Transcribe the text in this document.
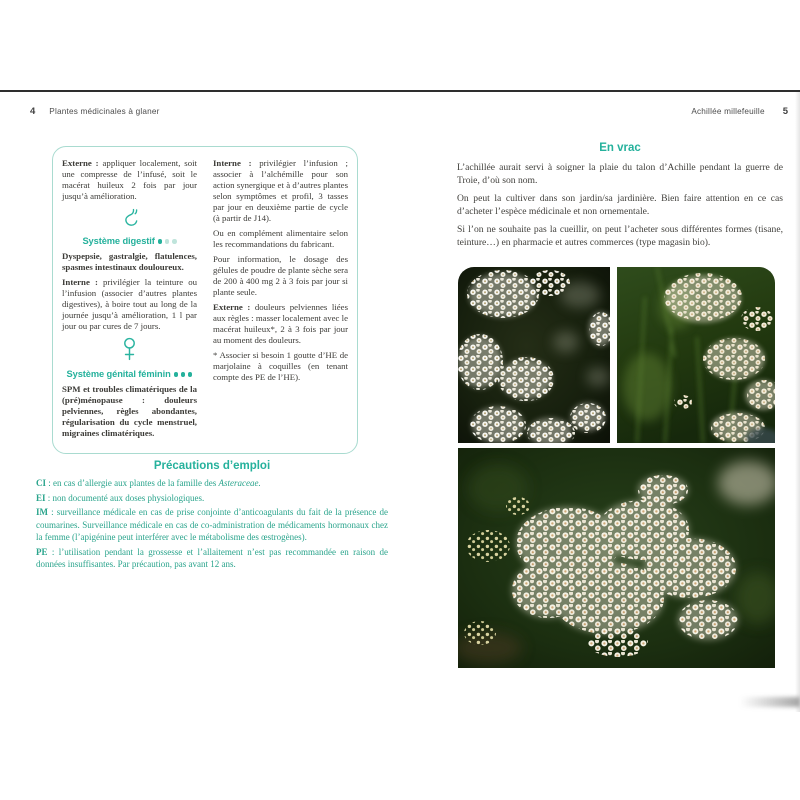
4 Plantes médicinales à glaner	Achillée millefeuille 5

Externe : appliquer localement, soit une compresse de l’infusé, soit le macérat huileux 2 fois par jour jusqu’à amélioration.

Système digestif

Dyspepsie, gastralgie, flatulences, spasmes intestinaux douloureux.

Interne : privilégier la teinture ou l’infusion (associer d’autres plantes digestives), à boire tout au long de la journée jusqu’à amélioration, 1 l par jour ou par cures de 7 jours.

Système génital féminin

SPM et troubles climatériques de la (pré)ménopause : douleurs pelviennes, règles abondantes, régularisation du cycle menstruel, migraines climatériques.

Interne : privilégier l’infusion ; associer à l’alchémille pour son action synergique et à d’autres plantes selon symptômes et profil, 3 tasses par jour en deuxième partie de cycle (à partir de J14).

Ou en complément alimentaire selon les recommandations du fabricant.

Pour information, le dosage des gélules de poudre de plante sèche sera de 200 à 400 mg 2 à 3 fois par jour si plante seule.

Externe : douleurs pelviennes liées aux règles : masser localement avec le macérat huileux*, 2 à 3 fois par jour au moment des douleurs.

* Associer si besoin 1 goutte d’HE de marjolaine à coquilles (en tenant compte des PE de l’HE).

Précautions d’emploi

CI : en cas d’allergie aux plantes de la famille des Asteraceae.

EI : non documenté aux doses physiologiques.

IM : surveillance médicale en cas de prise conjointe d’anticoagulants du fait de la présence de coumarines. Surveillance médicale en cas de co-administration de médicaments hormonaux chez la femme (l’apigénine peut interférer avec le métabolisme des œstrogènes).

PE : l’utilisation pendant la grossesse et l’allaitement n’est pas recommandée en raison de données insuffisantes. Par précaution, pas avant 12 ans.

En vrac

L’achillée aurait servi à soigner la plaie du talon d’Achille pendant la guerre de Troie, d’où son nom.

On peut la cultiver dans son jardin/sa jardinière. Bien faire attention en ce cas d’acheter l’espèce médicinale et non ornementale.

Si l’on ne souhaite pas la cueillir, on peut l’acheter sous différentes formes (tisane, teinture…) en pharmacie et autres commerces (type magasin bio).
